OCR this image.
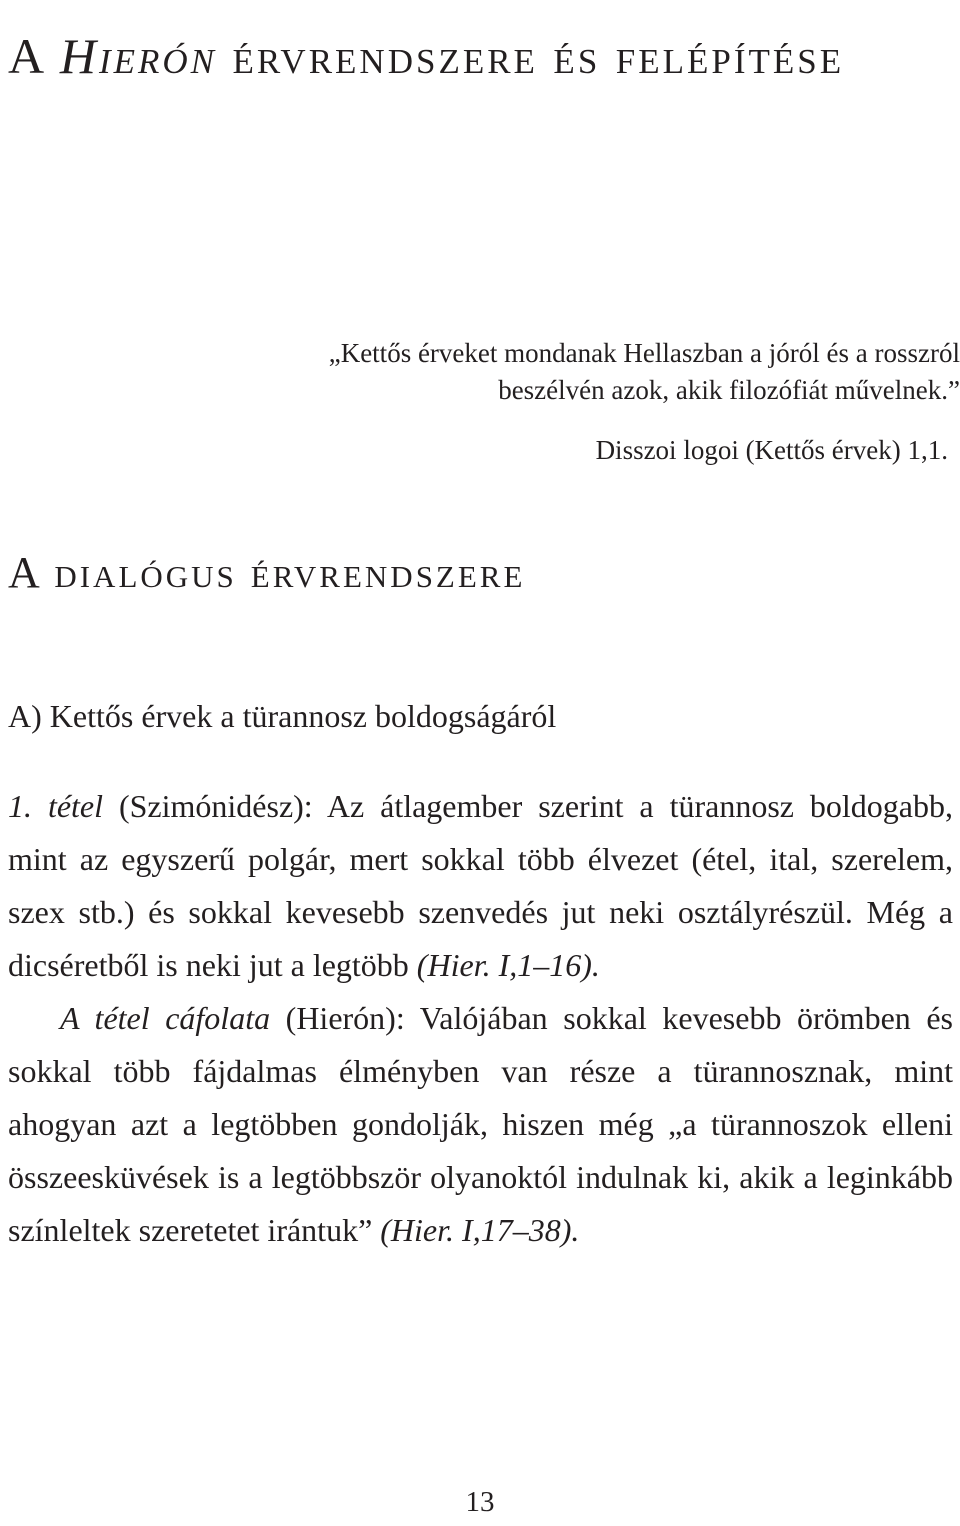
A Hierón érvrendszere és felépítése
„Kettős érveket mondanak Hellaszban a jóról és a rosszról
beszélvén azok, akik filozófiát művelnek.”
Disszoi logoi (Kettős érvek) 1,1.
A dialógus érvrendszere
A) Kettős érvek a türannosz boldogságáról

1. tétel (Szimónidész): Az átlagember szerint a türannosz boldogabb, mint az egyszerű polgár, mert sokkal több élvezet (étel, ital, szerelem, szex stb.) és sokkal kevesebb szenvedés jut neki osztályrészül. Még a dicséretből is neki jut a legtöbb (Hier. I,1–16).

A tétel cáfolata (Hierón): Valójában sokkal kevesebb örömben és sokkal több fájdalmas élményben van része a türannosznak, mint ahogyan azt a legtöbben gondolják, hiszen még „a türannoszok elleni összeesküvések is a legtöbbször olyanoktól indulnak ki, akik a leginkább színleltek szeretetet irántuk” (Hier. I,17–38).

13
